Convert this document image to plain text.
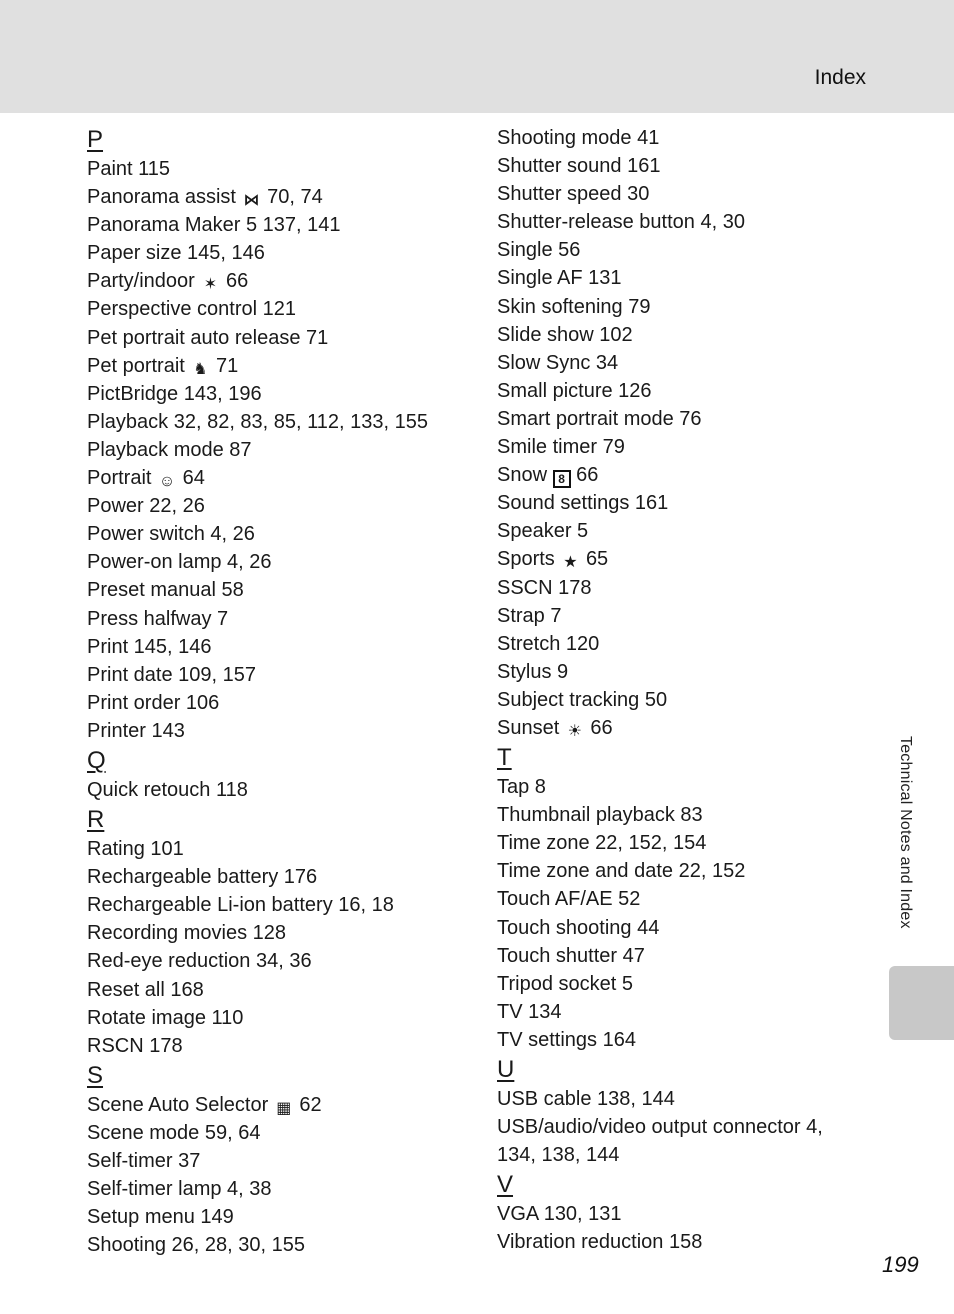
Index
P
Paint 115
Panorama assist ⋈ 70, 74
Panorama Maker 5 137, 141
Paper size 145, 146
Party/indoor ✶ 66
Perspective control 121
Pet portrait auto release 71
Pet portrait ♞ 71
PictBridge 143, 196
Playback 32, 82, 83, 85, 112, 133, 155
Playback mode 87
Portrait ☺ 64
Power 22, 26
Power switch 4, 26
Power-on lamp 4, 26
Preset manual 58
Press halfway 7
Print 145, 146
Print date 109, 157
Print order 106
Printer 143
Q
Quick retouch 118
R
Rating 101
Rechargeable battery 176
Rechargeable Li-ion battery 16, 18
Recording movies 128
Red-eye reduction 34, 36
Reset all 168
Rotate image 110
RSCN 178
S
Scene Auto Selector ▦ 62
Scene mode 59, 64
Self-timer 37
Self-timer lamp 4, 38
Setup menu 149
Shooting 26, 28, 30, 155
Shooting mode 41
Shutter sound 161
Shutter speed 30
Shutter-release button 4, 30
Single 56
Single AF 131
Skin softening 79
Slide show 102
Slow Sync 34
Small picture 126
Smart portrait mode 76
Smile timer 79
Snow 8 66
Sound settings 161
Speaker 5
Sports ★ 65
SSCN 178
Strap 7
Stretch 120
Stylus 9
Subject tracking 50
Sunset ☀ 66
T
Tap 8
Thumbnail playback 83
Time zone 22, 152, 154
Time zone and date 22, 152
Touch AF/AE 52
Touch shooting 44
Touch shutter 47
Tripod socket 5
TV 134
TV settings 164
U
USB cable 138, 144
USB/audio/video output connector 4,
134, 138, 144
V
VGA 130, 131
Vibration reduction 158
Technical Notes and Index
199
